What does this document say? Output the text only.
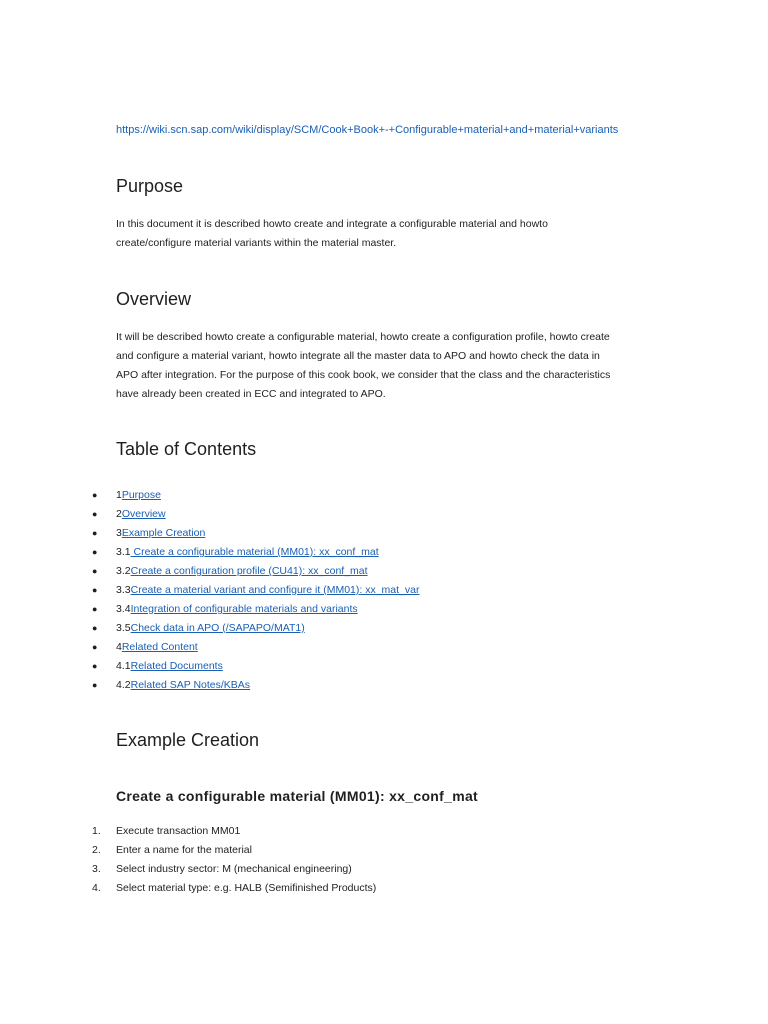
https://wiki.scn.sap.com/wiki/display/SCM/Cook+Book+-+Configurable+material+and+material+variants
Purpose

In this document it is described howto create and integrate a configurable material and howto

create/configure material variants within the material master.

Overview

It will be described howto create a configurable material, howto create a configuration profile, howto create

and configure a material variant, howto integrate all the master data to APO and howto check the data in

APO after integration. For the purpose of this cook book, we consider that the class and the characteristics

have already been created in ECC and integrated to APO.

Table of Contents
● 1Purpose
● 2Overview
● 3Example Creation
● 3.1 Create a configurable material (MM01): xx_conf_mat
● 3.2Create a configuration profile (CU41): xx_conf_mat
● 3.3Create a material variant and configure it (MM01): xx_mat_var
● 3.4Integration of configurable materials and variants
● 3.5Check data in APO (/SAPAPO/MAT1)
● 4Related Content
● 4.1Related Documents
● 4.2Related SAP Notes/KBAs
Example Creation
Create a configurable material (MM01): xx_conf_mat
1. Execute transaction MM01
2. Enter a name for the material
3. Select industry sector: M (mechanical engineering)
4. Select material type: e.g. HALB (Semifinished Products)
